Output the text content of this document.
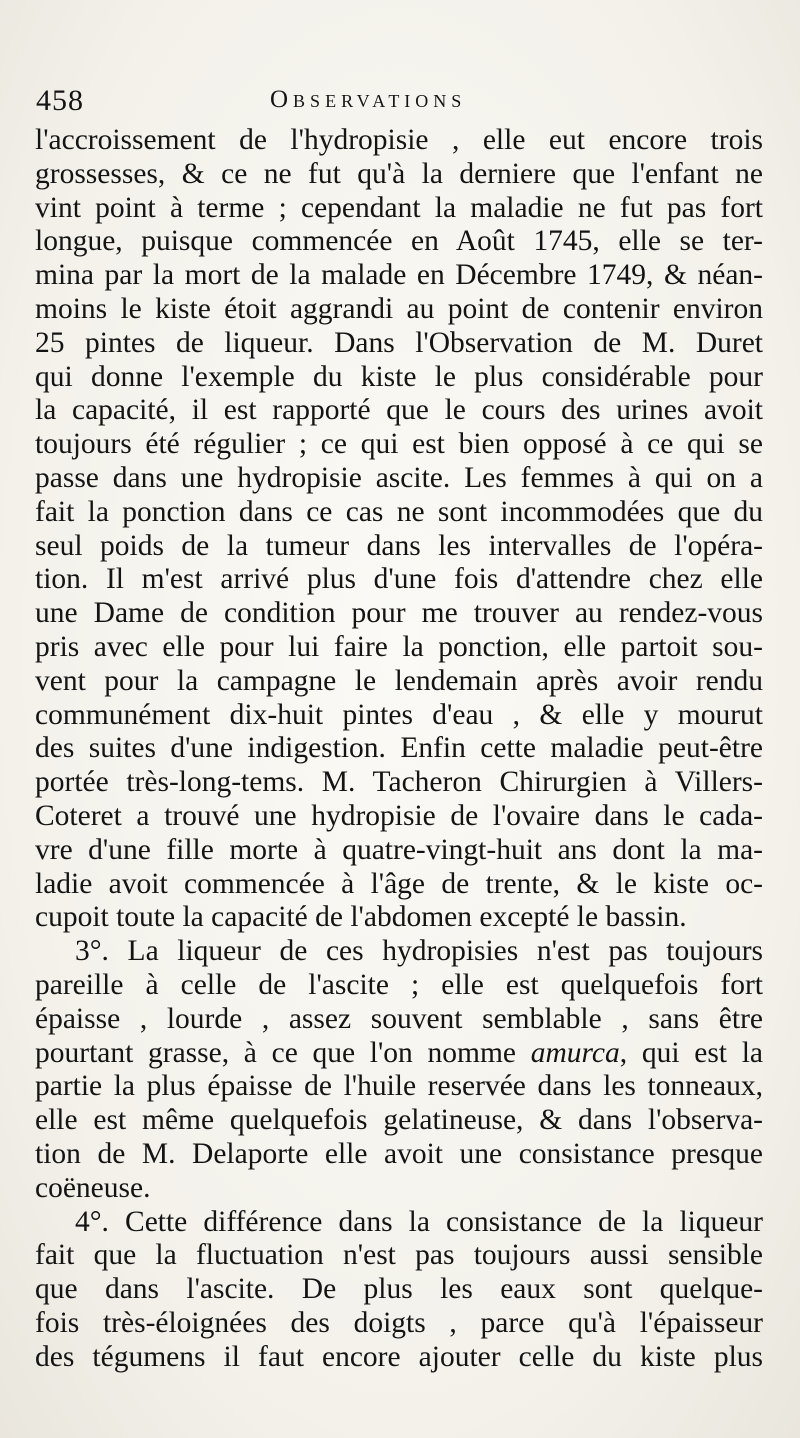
458	Observations
l'accroissement de l'hydropisie , elle eut encore trois
grossesses, & ce ne fut qu'à la derniere que l'enfant ne
vint point à terme ; cependant la maladie ne fut pas fort
longue, puisque commencée en Août 1745, elle se ter-
mina par la mort de la malade en Décembre 1749, & néan-
moins le kiste étoit aggrandi au point de contenir environ
25 pintes de liqueur. Dans l'Observation de M. Duret
qui donne l'exemple du kiste le plus considérable pour
la capacité, il est rapporté que le cours des urines avoit
toujours été régulier ; ce qui est bien opposé à ce qui se
passe dans une hydropisie ascite. Les femmes à qui on a
fait la ponction dans ce cas ne sont incommodées que du
seul poids de la tumeur dans les intervalles de l'opéra-
tion. Il m'est arrivé plus d'une fois d'attendre chez elle
une Dame de condition pour me trouver au rendez-vous
pris avec elle pour lui faire la ponction, elle partoit sou-
vent pour la campagne le lendemain après avoir rendu
communément dix-huit pintes d'eau , & elle y mourut
des suites d'une indigestion. Enfin cette maladie peut-être
portée très-long-tems. M. Tacheron Chirurgien à Villers-
Coteret a trouvé une hydropisie de l'ovaire dans le cada-
vre d'une fille morte à quatre-vingt-huit ans dont la ma-
ladie avoit commencée à l'âge de trente, & le kiste oc-
cupoit toute la capacité de l'abdomen excepté le bassin.
3°. La liqueur de ces hydropisies n'est pas toujours
pareille à celle de l'ascite ; elle est quelquefois fort
épaisse , lourde , assez souvent semblable , sans être
pourtant grasse, à ce que l'on nomme amurca, qui est la
partie la plus épaisse de l'huile reservée dans les tonneaux,
elle est même quelquefois gelatineuse, & dans l'observa-
tion de M. Delaporte elle avoit une consistance presque
coëneuse.
4°. Cette différence dans la consistance de la liqueur
fait que la fluctuation n'est pas toujours aussi sensible
que dans l'ascite. De plus les eaux sont quelque-
fois très-éloignées des doigts , parce qu'à l'épaisseur
des tégumens il faut encore ajouter celle du kiste plus
